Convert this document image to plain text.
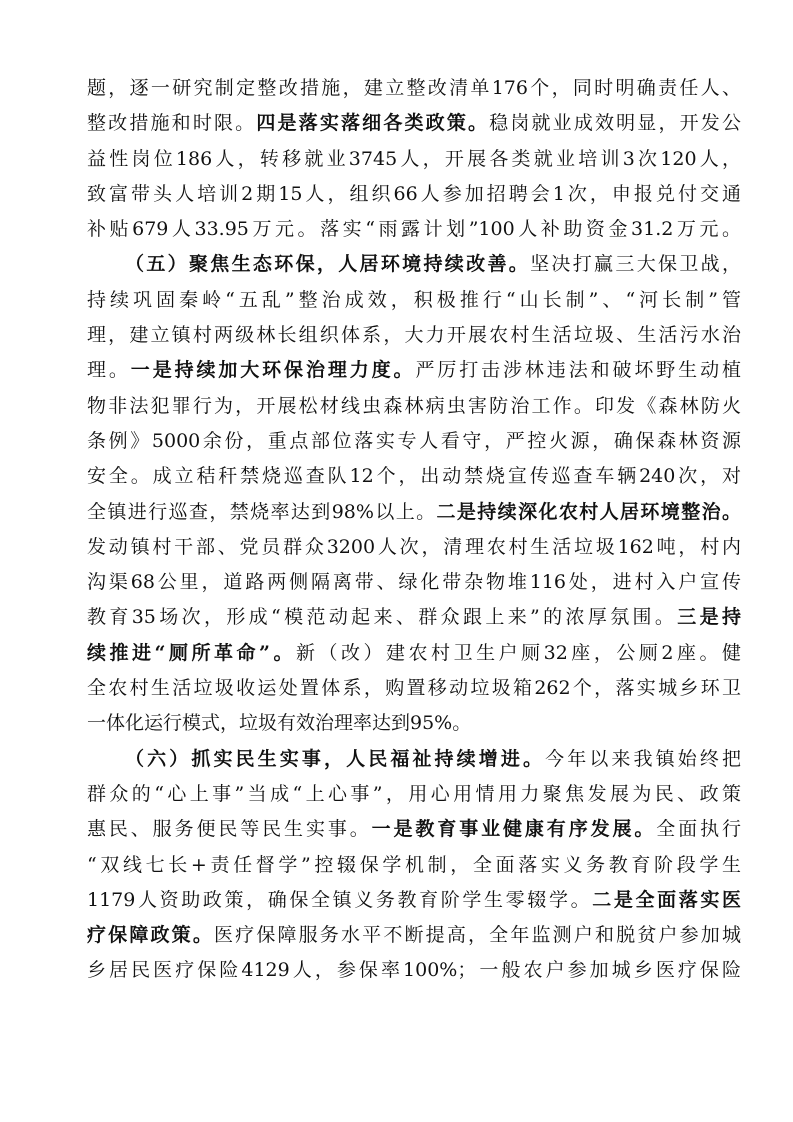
题，逐一研究制定整改措施，建立整改清单176个，同时明确责任人、
整改措施和时限。四是落实落细各类政策。稳岗就业成效明显，开发公
益性岗位186人，转移就业3745人，开展各类就业培训3次120人，
致富带头人培训2期15人，组织66人参加招聘会1次，申报兑付交通
补贴679人33.95万元。落实“雨露计划”100人补助资金31.2万元。
（五）聚焦生态环保，人居环境持续改善。坚决打赢三大保卫战，
持续巩固秦岭“五乱”整治成效，积极推行“山长制”、“河长制”管
理，建立镇村两级林长组织体系，大力开展农村生活垃圾、生活污水治
理。一是持续加大环保治理力度。严厉打击涉林违法和破坏野生动植
物非法犯罪行为，开展松材线虫森林病虫害防治工作。印发《森林防火
条例》5000余份，重点部位落实专人看守，严控火源，确保森林资源
安全。成立秸秆禁烧巡查队12个，出动禁烧宣传巡查车辆240次，对
全镇进行巡查，禁烧率达到98%以上。二是持续深化农村人居环境整治。
发动镇村干部、党员群众3200人次，清理农村生活垃圾162吨，村内
沟渠68公里，道路两侧隔离带、绿化带杂物堆116处，进村入户宣传
教育35场次，形成“模范动起来、群众跟上来”的浓厚氛围。三是持
续推进“厕所革命”。新（改）建农村卫生户厕32座，公厕2座。健
全农村生活垃圾收运处置体系，购置移动垃圾箱262个，落实城乡环卫
一体化运行模式，垃圾有效治理率达到95%。
（六）抓实民生实事，人民福祉持续增进。今年以来我镇始终把
群众的“心上事”当成“上心事”，用心用情用力聚焦发展为民、政策
惠民、服务便民等民生实事。一是教育事业健康有序发展。全面执行
“双线七长+责任督学”控辍保学机制，全面落实义务教育阶段学生
1179人资助政策，确保全镇义务教育阶学生零辍学。二是全面落实医
疗保障政策。医疗保障服务水平不断提高，全年监测户和脱贫户参加城
乡居民医疗保险4129人，参保率100%；一般农户参加城乡医疗保险
